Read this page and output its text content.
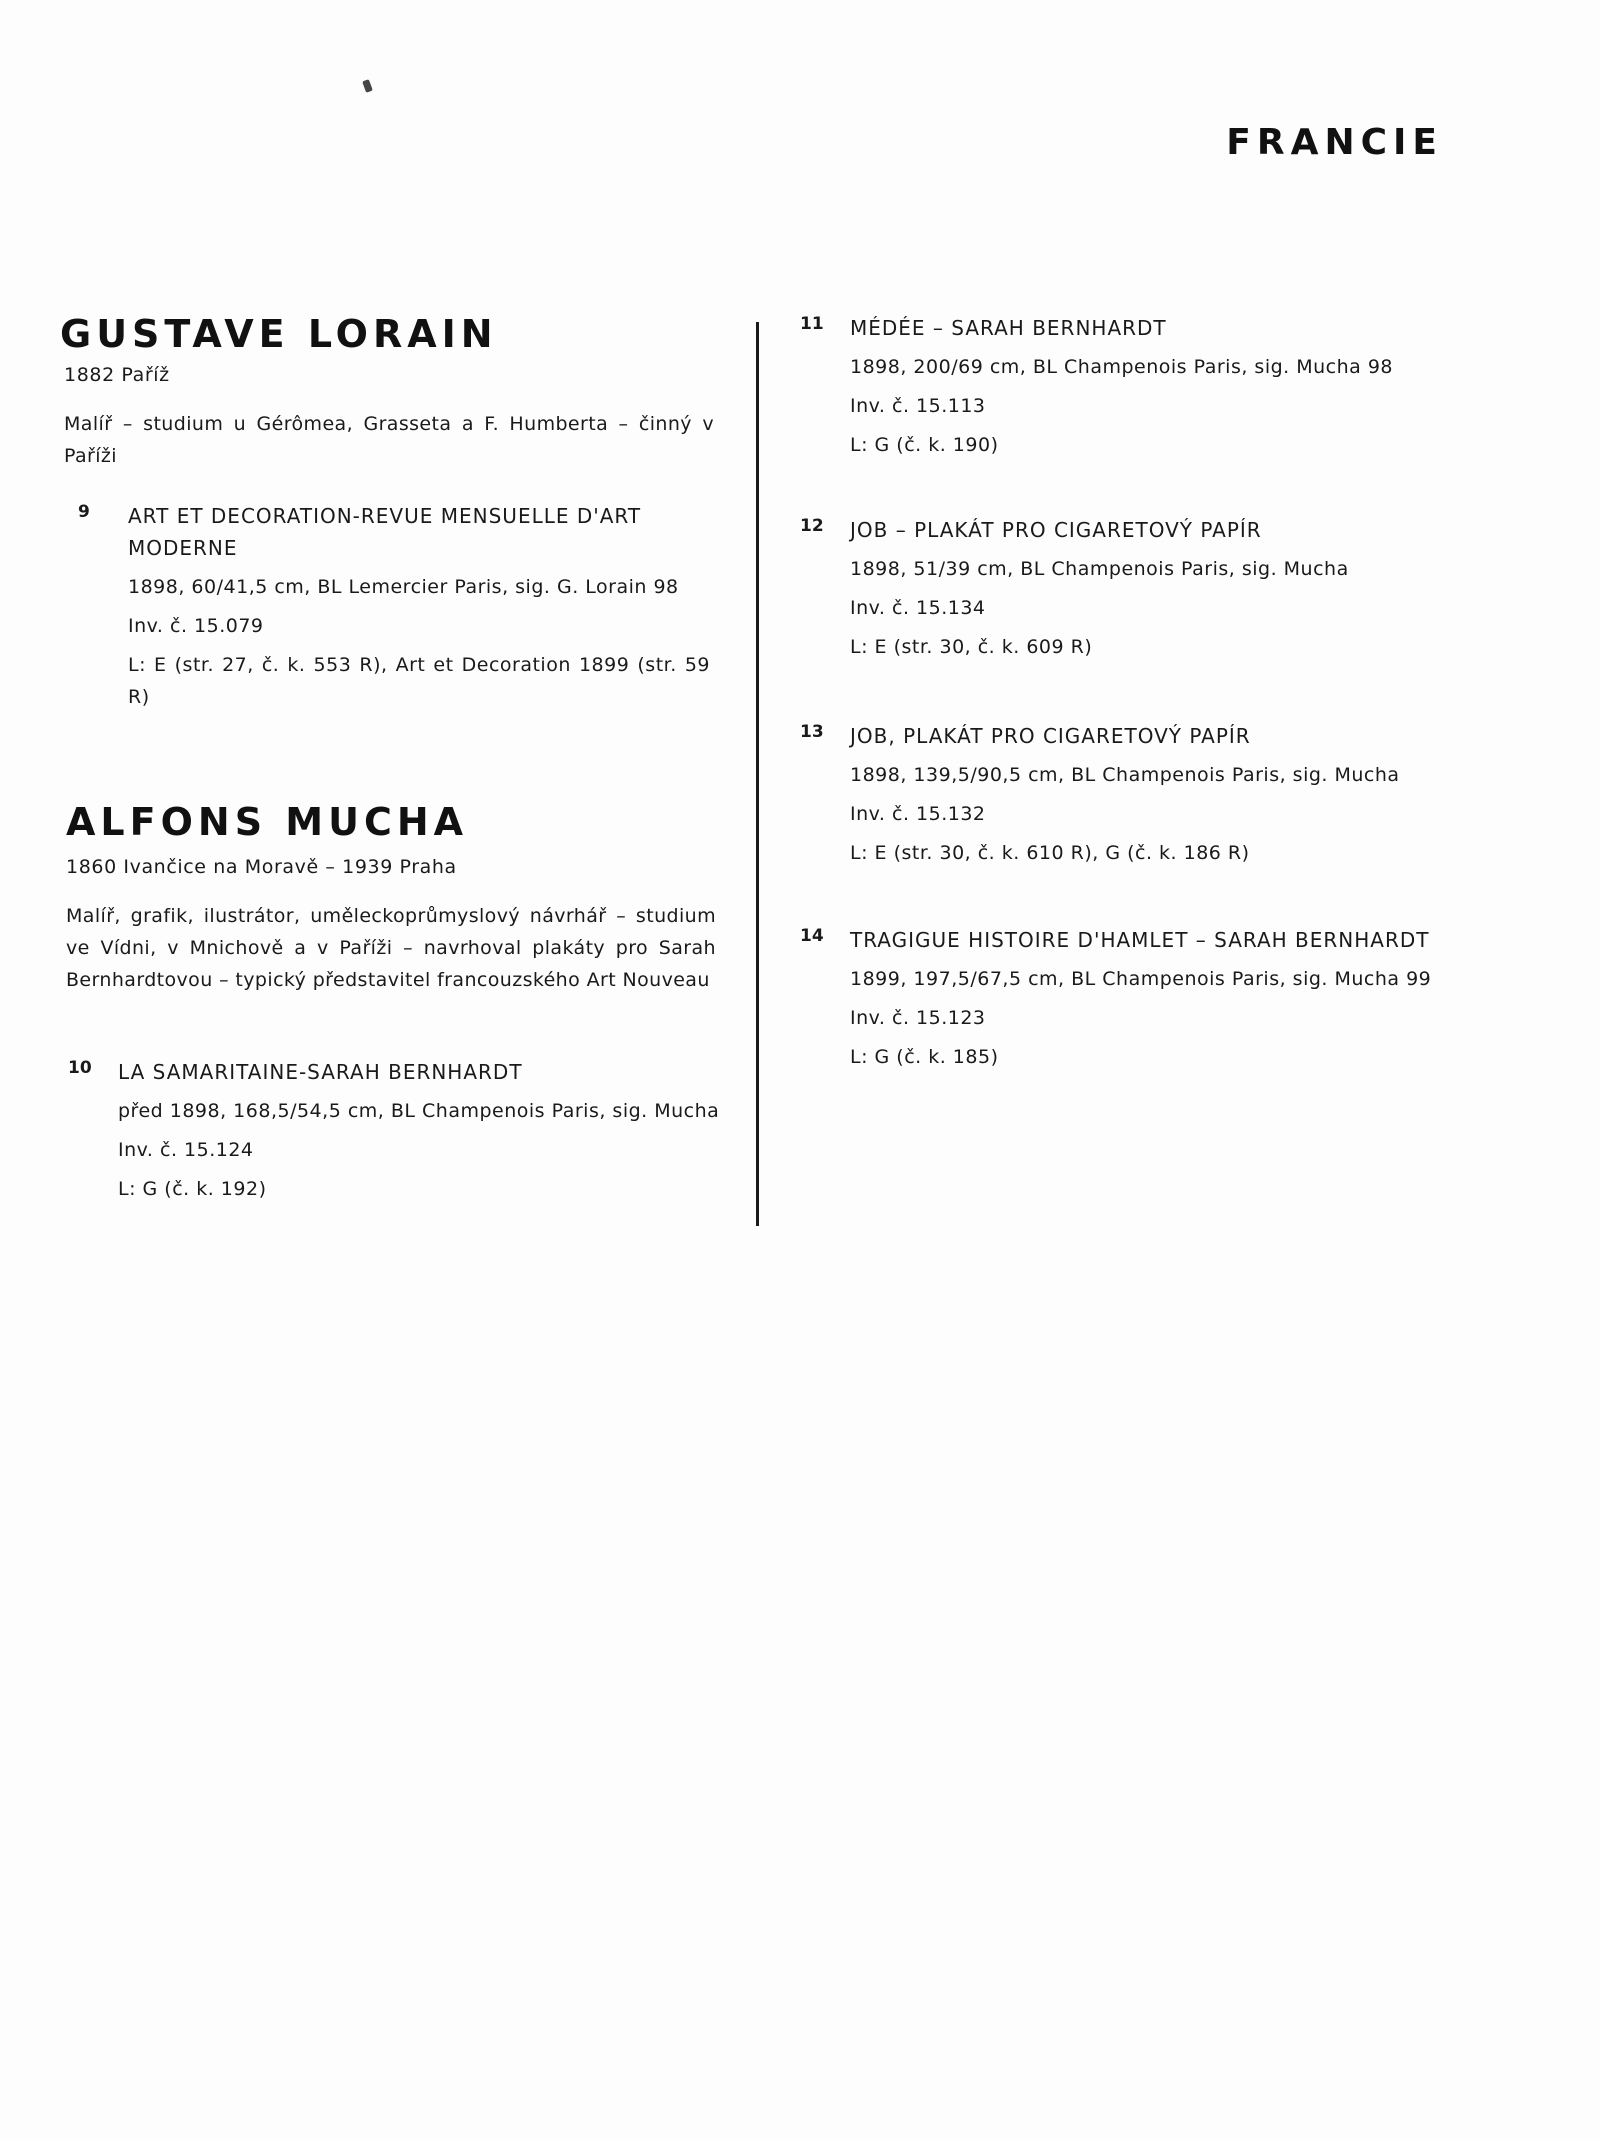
FRANCIE
GUSTAVE LORAIN
1882 Paříž
Malíř – studium u Gérômea, Grasseta a F. Humberta – činný v Paříži
9 ART ET DECORATION-REVUE MENSUELLE D'ART MODERNE
1898, 60/41,5 cm, BL Lemercier Paris, sig. G. Lorain 98
Inv. č. 15.079
L: E (str. 27, č. k. 553 R), Art et Decoration 1899 (str. 59 R)
ALFONS MUCHA
1860 Ivančice na Moravě – 1939 Praha
Malíř, grafik, ilustrátor, uměleckoprůmyslový návrhář – studium ve Vídni, v Mnichově a v Paříži – navrhoval plakáty pro Sarah Bernhardtovou – typický představitel francouzského Art Nouveau
10 LA SAMARITAINE-SARAH BERNHARDT
před 1898, 168,5/54,5 cm, BL Champenois Paris, sig. Mucha
Inv. č. 15.124
L: G (č. k. 192)
11 MÉDÉE – SARAH BERNHARDT
1898, 200/69 cm, BL Champenois Paris, sig. Mucha 98
Inv. č. 15.113
L: G (č. k. 190)
12 JOB – PLAKÁT PRO CIGARETOVÝ PAPÍR
1898, 51/39 cm, BL Champenois Paris, sig. Mucha
Inv. č. 15.134
L: E (str. 30, č. k. 609 R)
13 JOB, PLAKÁT PRO CIGARETOVÝ PAPÍR
1898, 139,5/90,5 cm, BL Champenois Paris, sig. Mucha
Inv. č. 15.132
L: E (str. 30, č. k. 610 R), G (č. k. 186 R)
14 TRAGIGUE HISTOIRE D'HAMLET – SARAH BERNHARDT
1899, 197,5/67,5 cm, BL Champenois Paris, sig. Mucha 99
Inv. č. 15.123
L: G (č. k. 185)
